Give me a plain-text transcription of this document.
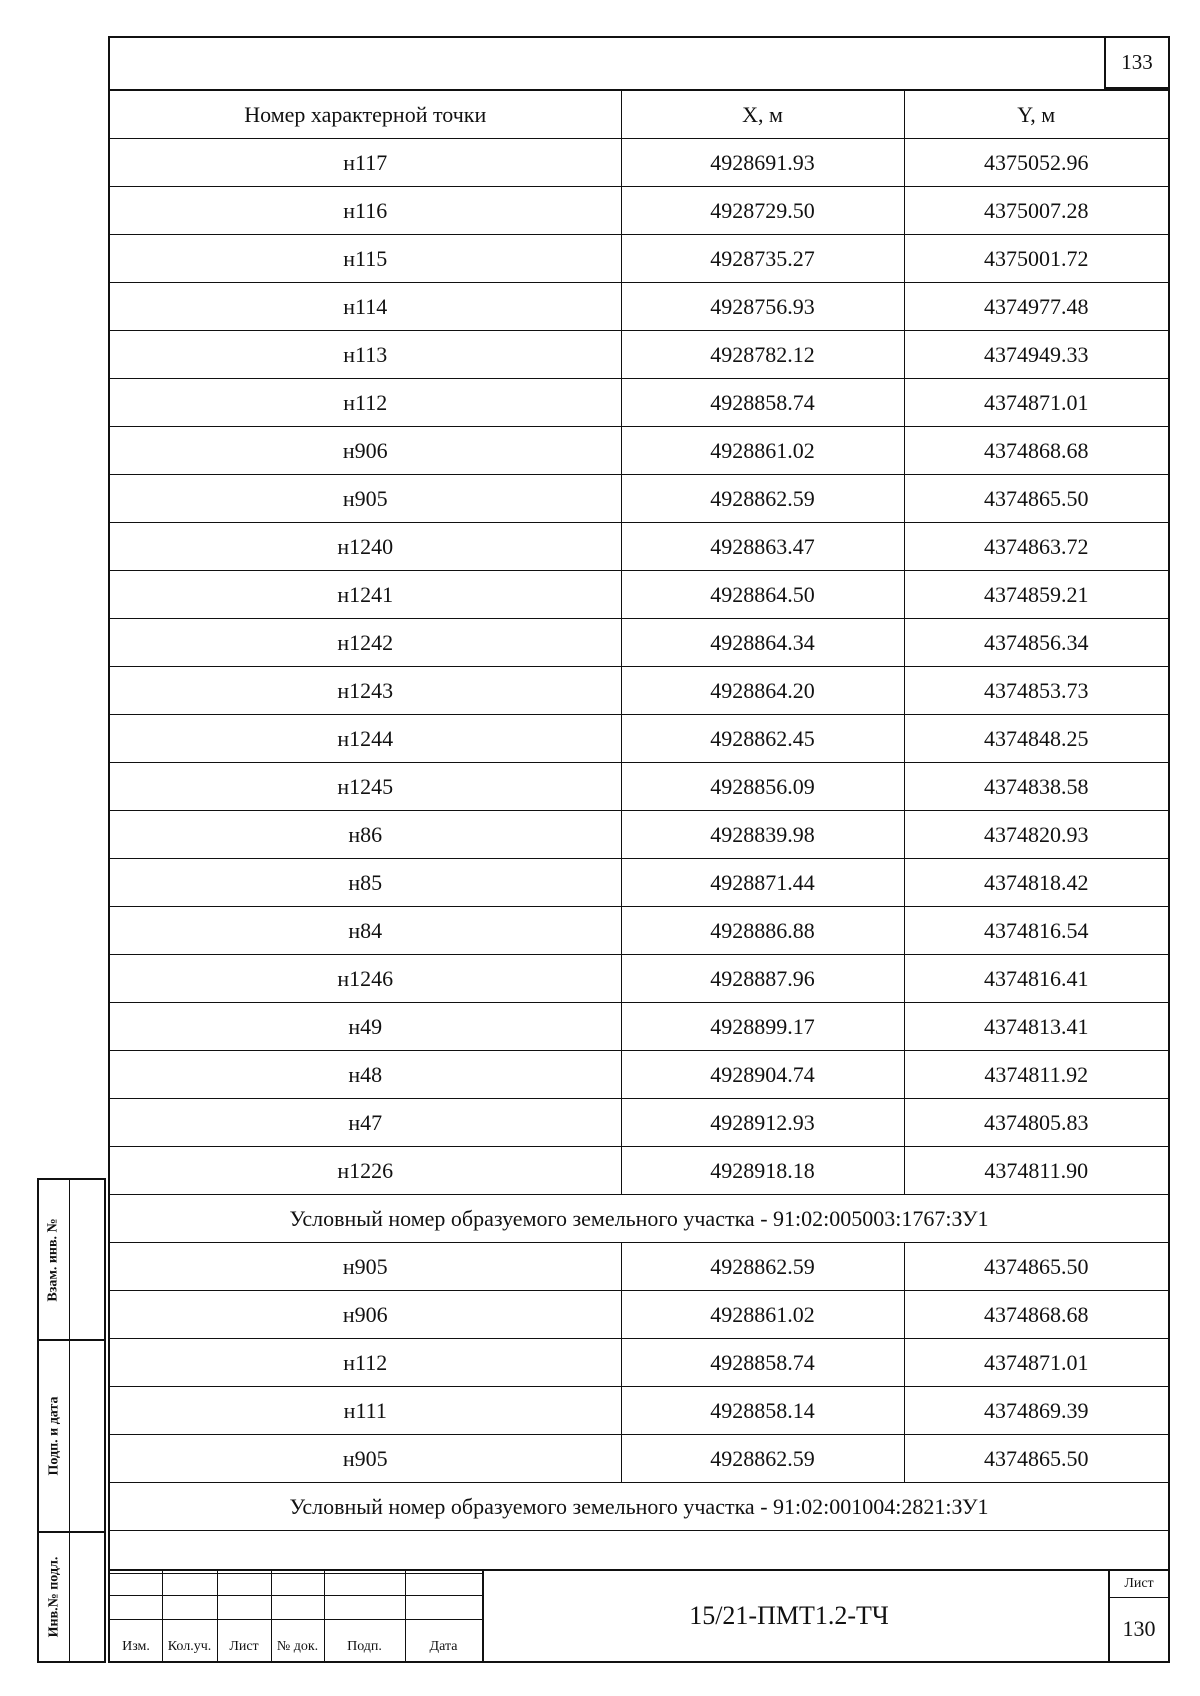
133
Номер характерной точки	X, м	Y, м
н117	4928691.93	4375052.96
н116	4928729.50	4375007.28
н115	4928735.27	4375001.72
н114	4928756.93	4374977.48
н113	4928782.12	4374949.33
н112	4928858.74	4374871.01
н906	4928861.02	4374868.68
н905	4928862.59	4374865.50
н1240	4928863.47	4374863.72
н1241	4928864.50	4374859.21
н1242	4928864.34	4374856.34
н1243	4928864.20	4374853.73
н1244	4928862.45	4374848.25
н1245	4928856.09	4374838.58
н86	4928839.98	4374820.93
н85	4928871.44	4374818.42
н84	4928886.88	4374816.54
н1246	4928887.96	4374816.41
н49	4928899.17	4374813.41
н48	4928904.74	4374811.92
н47	4928912.93	4374805.83
н1226	4928918.18	4374811.90
Условный номер образуемого земельного участка - 91:02:005003:1767:ЗУ1		
н905	4928862.59	4374865.50
н906	4928861.02	4374868.68
н112	4928858.74	4374871.01
н111	4928858.14	4374869.39
н905	4928862.59	4374865.50
Условный номер образуемого земельного участка - 91:02:001004:2821:ЗУ1		
Изм.	Кол.уч.	Лист	№ док.	Подп.	Дата
15/21-ПМТ1.2-ТЧ
Лист
130
Взам. инв. №
Подп. и дата
Инв.№ подл.
